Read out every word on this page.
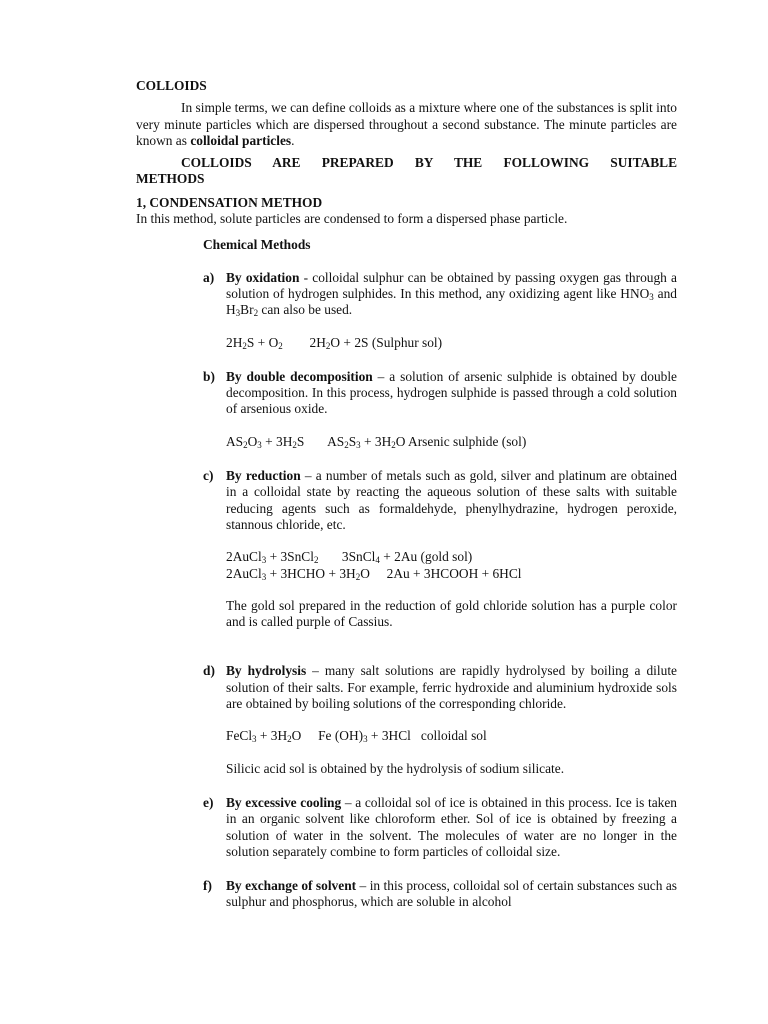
COLLOIDS

In simple terms, we can define colloids as a mixture where one of the substances is split into very minute particles which are dispersed throughout a second substance. The minute particles are known as colloidal particles.

COLLOIDS ARE PREPARED BY THE FOLLOWING SUITABLE
METHODS

1, CONDENSATION METHOD

In this method, solute particles are condensed to form a dispersed phase particle.

Chemical Methods
a) By oxidation - colloidal sulphur can be obtained by passing oxygen gas through a solution of hydrogen sulphides. In this method, any oxidizing agent like $HNO_3$ and $H_3Br_2$ can also be used.
$2H_2S + O_2$        $2H_2O + 2S$ (Sulphur sol)
b) By double decomposition – a solution of arsenic sulphide is obtained by double decomposition. In this process, hydrogen sulphide is passed through a cold solution of arsenious oxide.
$AS_2O_3 + 3H_2S$       $AS_2S_3 + 3H_2O$ Arsenic sulphide (sol)
c) By reduction – a number of metals such as gold, silver and platinum are obtained in a colloidal state by reacting the aqueous solution of these salts with suitable reducing agents such as formaldehyde, phenylhydrazine, hydrogen peroxide, stannous chloride, etc.
2AuCl$_3$ + 3SnCl$_2$       3SnCl$_4$ + 2Au (gold sol)
2AuCl$_3$ + 3HCHO + $3H_2O$     2Au + 3HCOOH + 6HCl
The gold sol prepared in the reduction of gold chloride solution has a purple color and is called purple of Cassius.
d) By hydrolysis – many salt solutions are rapidly hydrolysed by boiling a dilute solution of their salts. For example, ferric hydroxide and aluminium hydroxide sols are obtained by boiling solutions of the corresponding chloride.
FeCl$_3$ + $3H_2O$     Fe $(OH)_3 + 3HCl$   colloidal sol
Silicic acid sol is obtained by the hydrolysis of sodium silicate.
e) By excessive cooling – a colloidal sol of ice is obtained in this process. Ice is taken in an organic solvent like chloroform ether. Sol of ice is obtained by freezing a solution of water in the solvent. The molecules of water are no longer in the solution separately combine to form particles of colloidal size.
f) By exchange of solvent – in this process, colloidal sol of certain substances such as sulphur and phosphorus, which are soluble in alcohol
